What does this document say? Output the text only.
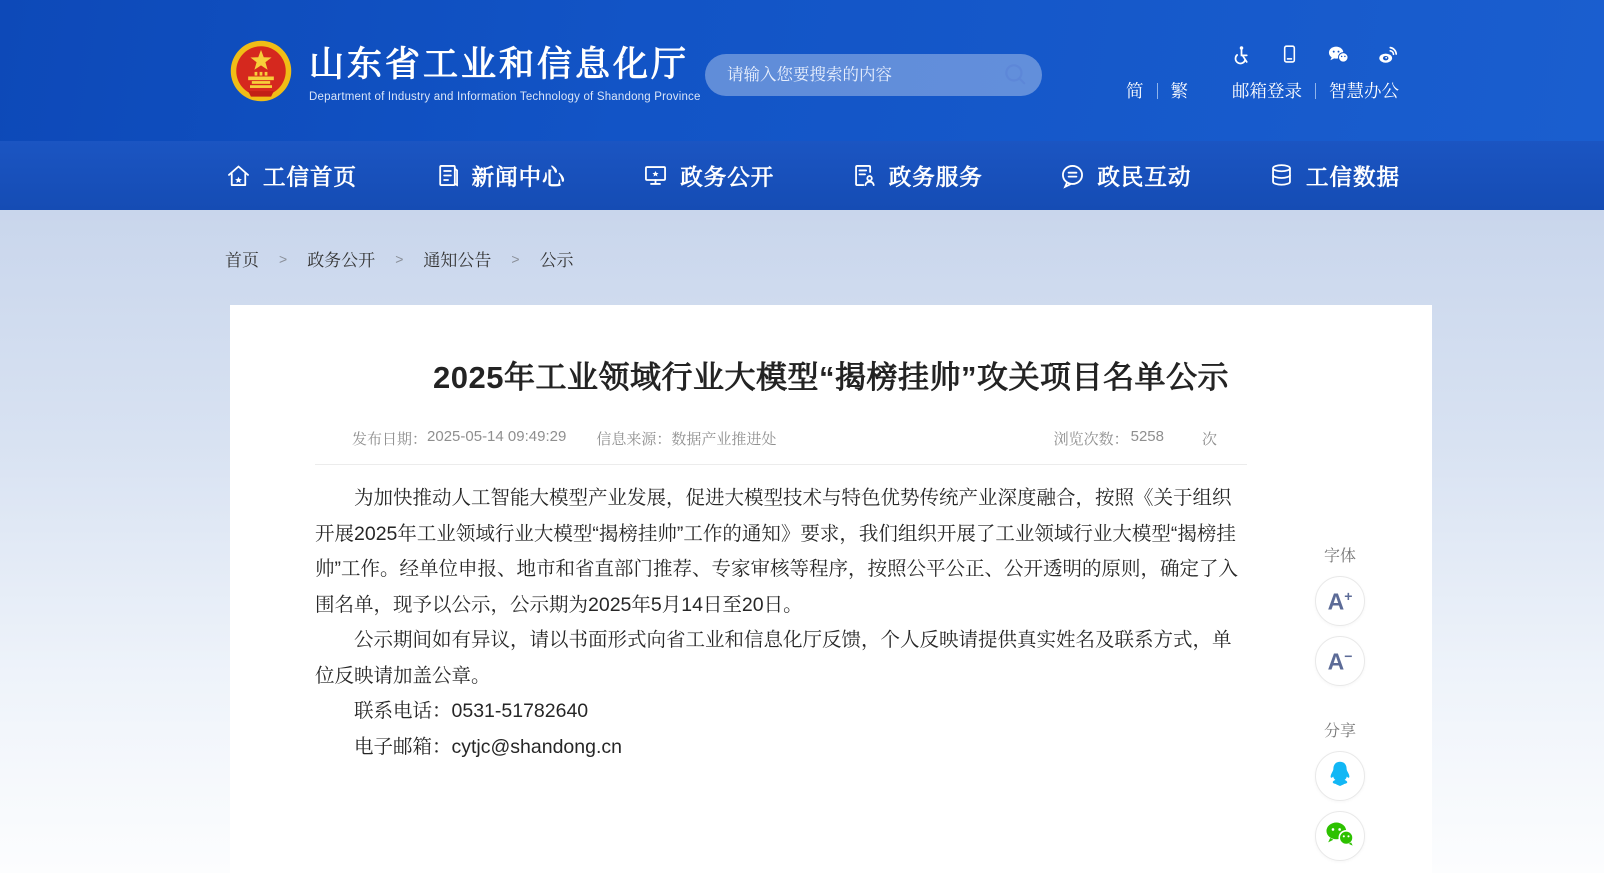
山东省工业和信息化厅
Department of Industry and Information Technology of Shandong Province
请输入您要搜索的内容	简 繁	邮箱登录 智慧办公
工信首页	新闻中心	政务公开	政务服务	政民互动	工信数据
首页 > 政务公开 > 通知公告 > 公示
2025年工业领域行业大模型“揭榜挂帅”攻关项目名单公示
发布日期： 2025-05-14 09:49:29 信息来源： 数据产业推进处	浏览次数： 5258	次

为加快推动人工智能大模型产业发展，促进大模型技术与特色优势传统产业深度融合，按照《关于组织开展2025年工业领域行业大模型“揭榜挂帅”工作的通知》要求，我们组织开展了工业领域行业大模型“揭榜挂帅”工作。经单位申报、地市和省直部门推荐、专家审核等程序，按照公平公正、公开透明的原则，确定了入围名单，现予以公示，公示期为2025年5月14日至20日。

公示期间如有异议，请以书面形式向省工业和信息化厅反馈，个人反映请提供真实姓名及联系方式，单位反映请加盖公章。

联系电话：0531-51782640

电子邮箱：cytjc@shandong.cn

字体
A+
A−
分享
